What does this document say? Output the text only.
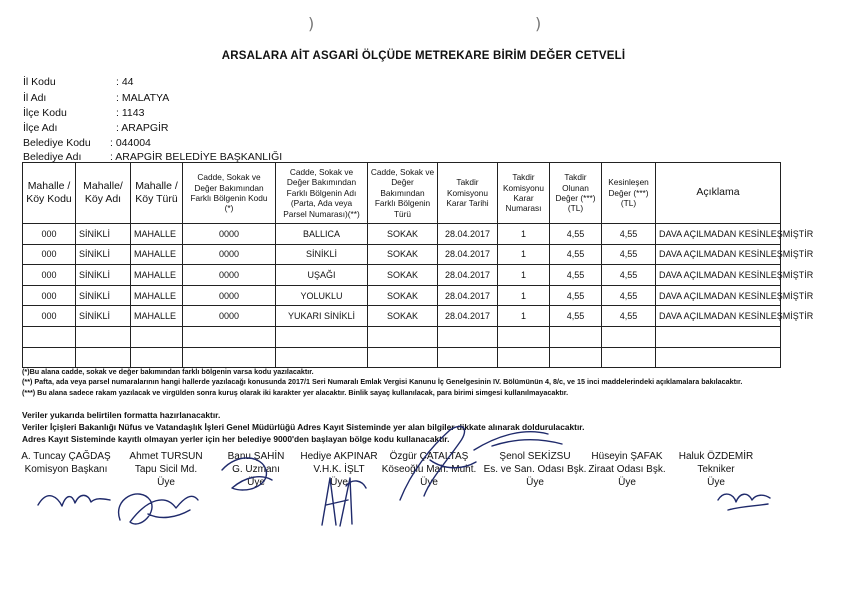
)	)
ARSALARA AİT ASGARİ ÖLÇÜDE METREKARE BİRİM DEĞER CETVELİ
İl Kodu	: 44
İl Adı	: MALATYA
İlçe Kodu	: 1143
İlçe Adı	: ARAPGİR
Belediye Kodu : 044004
Belediye Adı	: ARAPGİR BELEDİYE BAŞKANLIĞI
Mahalle / Köy Kodu	Mahalle/ Köy Adı	Mahalle / Köy Türü	Cadde, Sokak ve Değer Bakımından Farklı Bölgenin Kodu (*)	Cadde, Sokak ve Değer Bakımından Farklı Bölgenin Adı (Parta, Ada veya Parsel Numarası)(**)	Cadde, Sokak ve Değer Bakımından Farklı Bölgenin Türü	Takdir Komisyonu Karar Tarihi	Takdir Komisyonu Karar Numarası	Takdir Olunan Değer (***) (TL)	Kesinleşen Değer (***) (TL)	Açıklama
000	SİNİKLİ	MAHALLE	0000	BALLICA	SOKAK	28.04.2017	1	4,55	4,55	DAVA AÇILMADAN KESİNLEŞMİŞTİR
000	SİNİKLİ	MAHALLE	0000	SİNİKLİ	SOKAK	28.04.2017	1	4,55	4,55	DAVA AÇILMADAN KESİNLEŞMİŞTİR
000	SİNİKLİ	MAHALLE	0000	UŞAĞI	SOKAK	28.04.2017	1	4,55	4,55	DAVA AÇILMADAN KESİNLEŞMİŞTİR
000	SİNİKLİ	MAHALLE	0000	YOLUKLU	SOKAK	28.04.2017	1	4,55	4,55	DAVA AÇILMADAN KESİNLEŞMİŞTİR
000	SİNİKLİ	MAHALLE	0000	YUKARI SİNİKLİ	SOKAK	28.04.2017	1	4,55	4,55	DAVA AÇILMADAN KESİNLEŞMİŞTİR

(*)Bu alana cadde, sokak ve değer bakımından farklı bölgenin varsa kodu yazılacaktır.
(**) Pafta, ada veya parsel numaralarının hangi hallerde yazılacağı konusunda 2017/1 Seri Numaralı Emlak Vergisi Kanunu İç Genelgesinin IV. Bölümünün 4, 8/c, ve 15 inci maddelerindeki açıklamalara bakılacaktır.
(***) Bu alana sadece rakam yazılacak ve virgülden sonra kuruş olarak iki karakter yer alacaktır. Binlik sayaç kullanılacak, para birimi simgesi kullanılmayacaktır.
Veriler yukarıda belirtilen formatta hazırlanacaktır.
Veriler İçişleri Bakanlığı Nüfus ve Vatandaşlık İşleri Genel Müdürlüğü Adres Kayıt Sisteminde yer alan bilgiler dikkate alınarak doldurulacaktır.
Adres Kayıt Sisteminde kayıtlı olmayan yerler için her belediye 9000'den başlayan bölge kodu kullanacaktır.
A. Tuncay ÇAĞDAŞ
Komisyon Başkanı
Ahmet TURSUN
Tapu Sicil Md.
Üye
Banu ŞAHİN
G. Uzmanı
Üye
Hediye AKPINAR
V.H.K. İŞLT
Üye
Özgür ÇATALTAŞ
Köseoğlu Mah. Muht.
Üye
Şenol SEKİZSU
Es. ve San. Odası Bşk.
Üye
Hüseyin ŞAFAK
Ziraat Odası Bşk.
Üye
Haluk ÖZDEMİR
Tekniker
Üye
